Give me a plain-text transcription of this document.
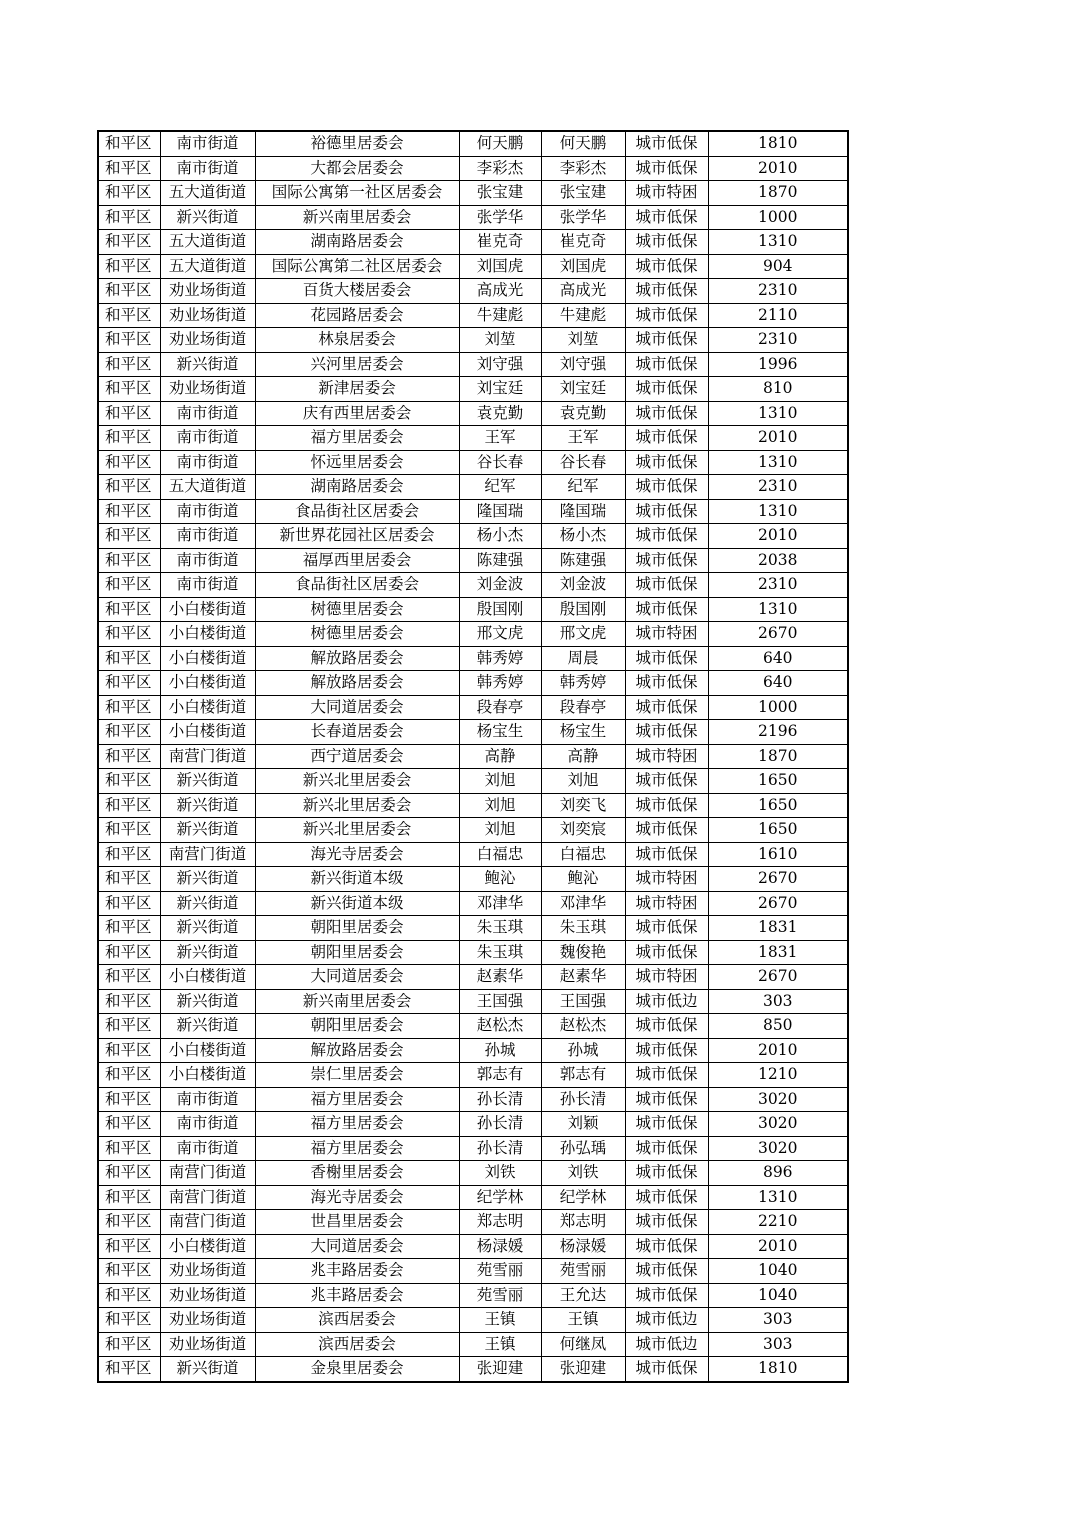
和平区	南市街道	裕德里居委会	何天鹏	何天鹏	城市低保	1810
和平区	南市街道	大都会居委会	李彩杰	李彩杰	城市低保	2010
和平区	五大道街道	国际公寓第一社区居委会	张宝建	张宝建	城市特困	1870
和平区	新兴街道	新兴南里居委会	张学华	张学华	城市低保	1000
和平区	五大道街道	湖南路居委会	崔克奇	崔克奇	城市低保	1310
和平区	五大道街道	国际公寓第二社区居委会	刘国虎	刘国虎	城市低保	904
和平区	劝业场街道	百货大楼居委会	高成光	高成光	城市低保	2310
和平区	劝业场街道	花园路居委会	牛建彪	牛建彪	城市低保	2110
和平区	劝业场街道	林泉居委会	刘堃	刘堃	城市低保	2310
和平区	新兴街道	兴河里居委会	刘守强	刘守强	城市低保	1996
和平区	劝业场街道	新津居委会	刘宝廷	刘宝廷	城市低保	810
和平区	南市街道	庆有西里居委会	袁克勤	袁克勤	城市低保	1310
和平区	南市街道	福方里居委会	王军	王军	城市低保	2010
和平区	南市街道	怀远里居委会	谷长春	谷长春	城市低保	1310
和平区	五大道街道	湖南路居委会	纪军	纪军	城市低保	2310
和平区	南市街道	食品街社区居委会	隆国瑞	隆国瑞	城市低保	1310
和平区	南市街道	新世界花园社区居委会	杨小杰	杨小杰	城市低保	2010
和平区	南市街道	福厚西里居委会	陈建强	陈建强	城市低保	2038
和平区	南市街道	食品街社区居委会	刘金波	刘金波	城市低保	2310
和平区	小白楼街道	树德里居委会	殷国刚	殷国刚	城市低保	1310
和平区	小白楼街道	树德里居委会	邢文虎	邢文虎	城市特困	2670
和平区	小白楼街道	解放路居委会	韩秀婷	周晨	城市低保	640
和平区	小白楼街道	解放路居委会	韩秀婷	韩秀婷	城市低保	640
和平区	小白楼街道	大同道居委会	段春亭	段春亭	城市低保	1000
和平区	小白楼街道	长春道居委会	杨宝生	杨宝生	城市低保	2196
和平区	南营门街道	西宁道居委会	高静	高静	城市特困	1870
和平区	新兴街道	新兴北里居委会	刘旭	刘旭	城市低保	1650
和平区	新兴街道	新兴北里居委会	刘旭	刘奕飞	城市低保	1650
和平区	新兴街道	新兴北里居委会	刘旭	刘奕宸	城市低保	1650
和平区	南营门街道	海光寺居委会	白福忠	白福忠	城市低保	1610
和平区	新兴街道	新兴街道本级	鲍沁	鲍沁	城市特困	2670
和平区	新兴街道	新兴街道本级	邓津华	邓津华	城市特困	2670
和平区	新兴街道	朝阳里居委会	朱玉琪	朱玉琪	城市低保	1831
和平区	新兴街道	朝阳里居委会	朱玉琪	魏俊艳	城市低保	1831
和平区	小白楼街道	大同道居委会	赵素华	赵素华	城市特困	2670
和平区	新兴街道	新兴南里居委会	王国强	王国强	城市低边	303
和平区	新兴街道	朝阳里居委会	赵松杰	赵松杰	城市低保	850
和平区	小白楼街道	解放路居委会	孙城	孙城	城市低保	2010
和平区	小白楼街道	崇仁里居委会	郭志有	郭志有	城市低保	1210
和平区	南市街道	福方里居委会	孙长清	孙长清	城市低保	3020
和平区	南市街道	福方里居委会	孙长清	刘颖	城市低保	3020
和平区	南市街道	福方里居委会	孙长清	孙弘瑀	城市低保	3020
和平区	南营门街道	香榭里居委会	刘铁	刘铁	城市低保	896
和平区	南营门街道	海光寺居委会	纪学林	纪学林	城市低保	1310
和平区	南营门街道	世昌里居委会	郑志明	郑志明	城市低保	2210
和平区	小白楼街道	大同道居委会	杨渌媛	杨渌媛	城市低保	2010
和平区	劝业场街道	兆丰路居委会	苑雪丽	苑雪丽	城市低保	1040
和平区	劝业场街道	兆丰路居委会	苑雪丽	王允达	城市低保	1040
和平区	劝业场街道	滨西居委会	王镇	王镇	城市低边	303
和平区	劝业场街道	滨西居委会	王镇	何继凤	城市低边	303
和平区	新兴街道	金泉里居委会	张迎建	张迎建	城市低保	1810
